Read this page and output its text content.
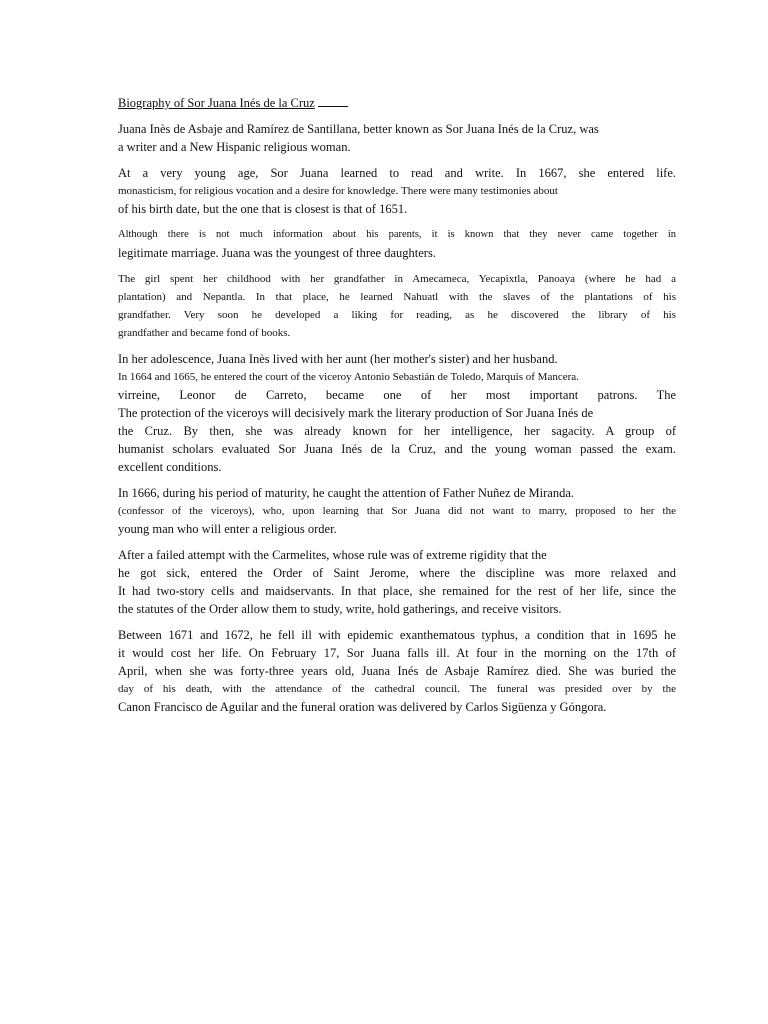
Biography of Sor Juana Inés de la Cruz
Juana Inès de Asbaje and Ramírez de Santillana, better known as Sor Juana Inés de la Cruz, was
a writer and a New Hispanic religious woman.
At a very young age, Sor Juana learned to read and write. In 1667, she entered life.
monasticism, for religious vocation and a desire for knowledge. There were many testimonies about
of his birth date, but the one that is closest is that of 1651.
Although there is not much information about his parents, it is known that they never came together in
legitimate marriage. Juana was the youngest of three daughters.
The girl spent her childhood with her grandfather in Amecameca, Yecapixtla, Panoaya (where he had a
plantation) and Nepantla. In that place, he learned Nahuatl with the slaves of the plantations of his
grandfather. Very soon he developed a liking for reading, as he discovered the library of his
grandfather and became fond of books.
In her adolescence, Juana Inès lived with her aunt (her mother's sister) and her husband.
In 1664 and 1665, he entered the court of the viceroy Antonio Sebastián de Toledo, Marquis of Mancera.
virreine, Leonor de Carreto, became one of her most important patrons. The
The protection of the viceroys will decisively mark the literary production of Sor Juana Inés de
the Cruz. By then, she was already known for her intelligence, her sagacity. A group of
humanist scholars evaluated Sor Juana Inés de la Cruz, and the young woman passed the exam.
excellent conditions.
In 1666, during his period of maturity, he caught the attention of Father Nuñez de Miranda.
(confessor of the viceroys), who, upon learning that Sor Juana did not want to marry, proposed to her the
young man who will enter a religious order.
After a failed attempt with the Carmelites, whose rule was of extreme rigidity that the
he got sick, entered the Order of Saint Jerome, where the discipline was more relaxed and
It had two-story cells and maidservants. In that place, she remained for the rest of her life, since the
the statutes of the Order allow them to study, write, hold gatherings, and receive visitors.
Between 1671 and 1672, he fell ill with epidemic exanthematous typhus, a condition that in 1695 he
it would cost her life. On February 17, Sor Juana falls ill. At four in the morning on the 17th of
April, when she was forty-three years old, Juana Inés de Asbaje Ramírez died. She was buried the
day of his death, with the attendance of the cathedral council. The funeral was presided over by the
Canon Francisco de Aguilar and the funeral oration was delivered by Carlos Sigüenza y Góngora.
